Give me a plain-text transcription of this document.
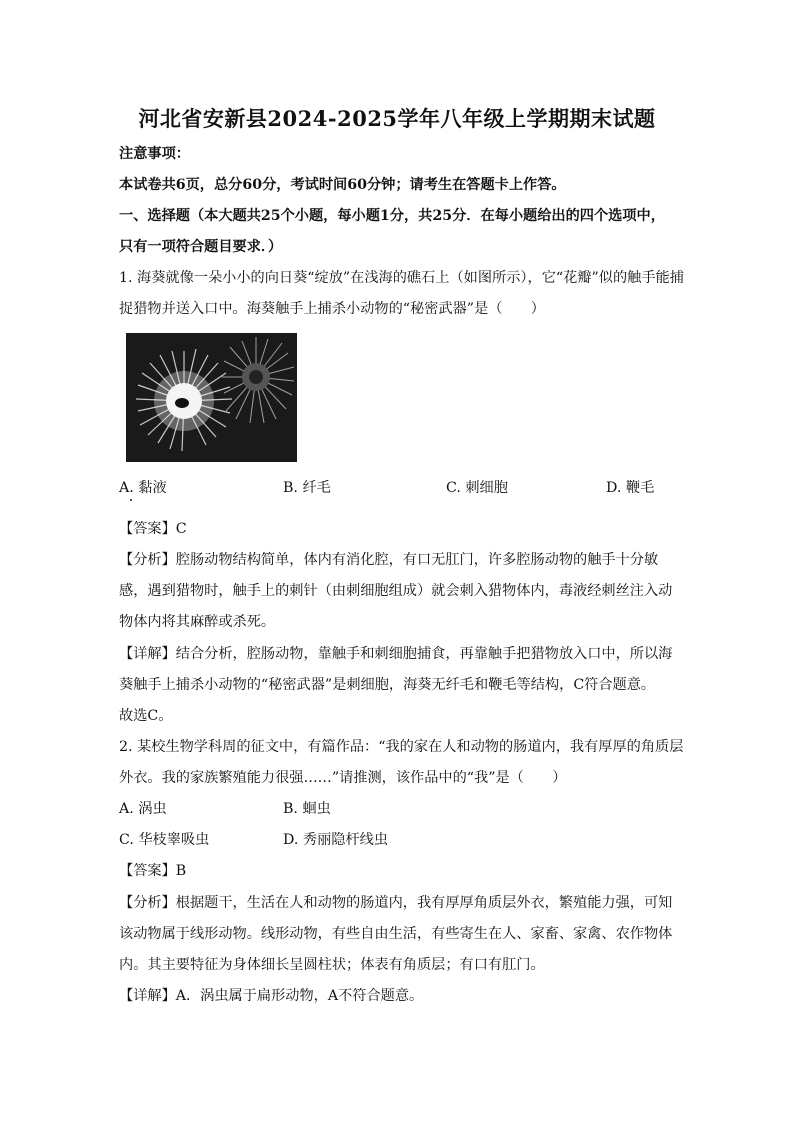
河北省安新县2024-2025学年八年级上学期期末试题
注意事项：
本试卷共6页，总分60分，考试时间60分钟；请考生在答题卡上作答。
一、选择题（本大题共25个小题，每小题1分，共25分．在每小题给出的四个选项中，
只有一项符合题目要求．）
1. 海葵就像一朵小小的向日葵“绽放”在浅海的礁石上（如图所示），它“花瓣”似的触手能捕
捉猎物并送入口中。海葵触手上捕杀小动物的“秘密武器”是（　　）
A. 黏液	B. 纤毛	C. 刺细胞	D. 鞭毛
【答案】C
【分析】腔肠动物结构简单，体内有消化腔，有口无肛门，许多腔肠动物的触手十分敏
感，遇到猎物时，触手上的刺针（由刺细胞组成）就会刺入猎物体内，毒液经刺丝注入动
物体内将其麻醉或杀死。
【详解】结合分析，腔肠动物，靠触手和刺细胞捕食，再靠触手把猎物放入口中，所以海
葵触手上捕杀小动物的“秘密武器”是刺细胞，海葵无纤毛和鞭毛等结构，C符合题意。
故选C。
2. 某校生物学科周的征文中，有篇作品：“我的家在人和动物的肠道内，我有厚厚的角质层
外衣。我的家族繁殖能力很强……”请推测，该作品中的“我”是（　　）
A. 涡虫	B. 蛔虫
C. 华枝睾吸虫	D. 秀丽隐杆线虫
【答案】B
【分析】根据题干，生活在人和动物的肠道内，我有厚厚角质层外衣，繁殖能力强，可知
该动物属于线形动物。线形动物，有些自由生活，有些寄生在人、家畜、家禽、农作物体
内。其主要特征为身体细长呈圆柱状；体表有角质层；有口有肛门。
【详解】A．涡虫属于扁形动物，A不符合题意。
